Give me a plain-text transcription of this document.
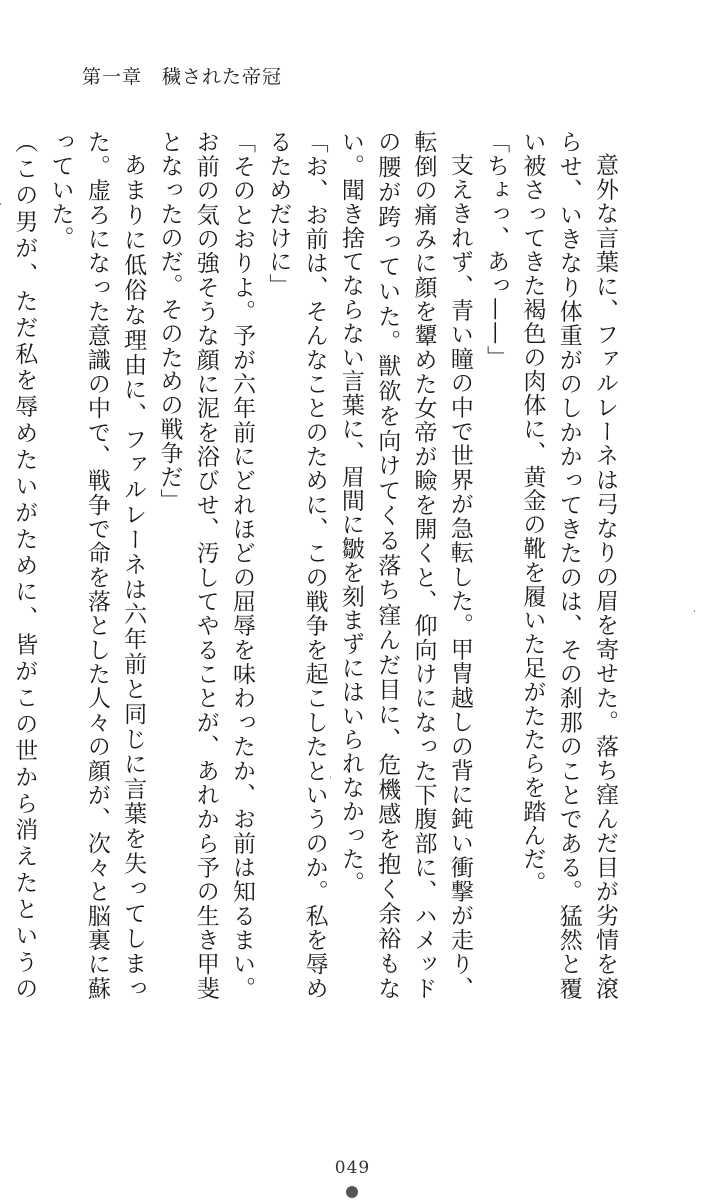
第一章　穢された帝冠

意外な言葉に、ファルレーネは弓なりの眉を寄せた。落ち窪んだ目が劣情を滾らせ、いきなり体重がのしかかってきたのは、その刹那のことである。猛然と覆い被さってきた褐色の肉体に、黄金の靴を履いた足がたたらを踏んだ。

「ちょっ、あっ——」

支えきれず、青い瞳の中で世界が急転した。甲冑越しの背に鈍い衝撃が走り、転倒の痛みに顔を顰めた女帝が瞼を開くと、仰向けになった下腹部に、ハメッドの腰が跨っていた。獣欲を向けてくる落ち窪んだ目に、危機感を抱く余裕もない。聞き捨てならない言葉に、眉間に皺を刻まずにはいられなかった。

「お、お前は、そんなことのために、この戦争を起こしたというのか。私を辱めるためだけに」

「そのとおりよ。予が六年前にどれほどの屈辱を味わったか、お前は知るまい。お前の気の強そうな顔に泥を浴びせ、汚してやることが、あれから予の生き甲斐となったのだ。そのための戦争だ」

あまりに低俗な理由に、ファルレーネは六年前と同じに言葉を失ってしまった。虚ろになった意識の中で、戦争で命を落とした人々の顔が、次々と脳裏に蘇っていた。

（この男が、ただ私を辱めたいがために、皆がこの世から消えたというの

049
